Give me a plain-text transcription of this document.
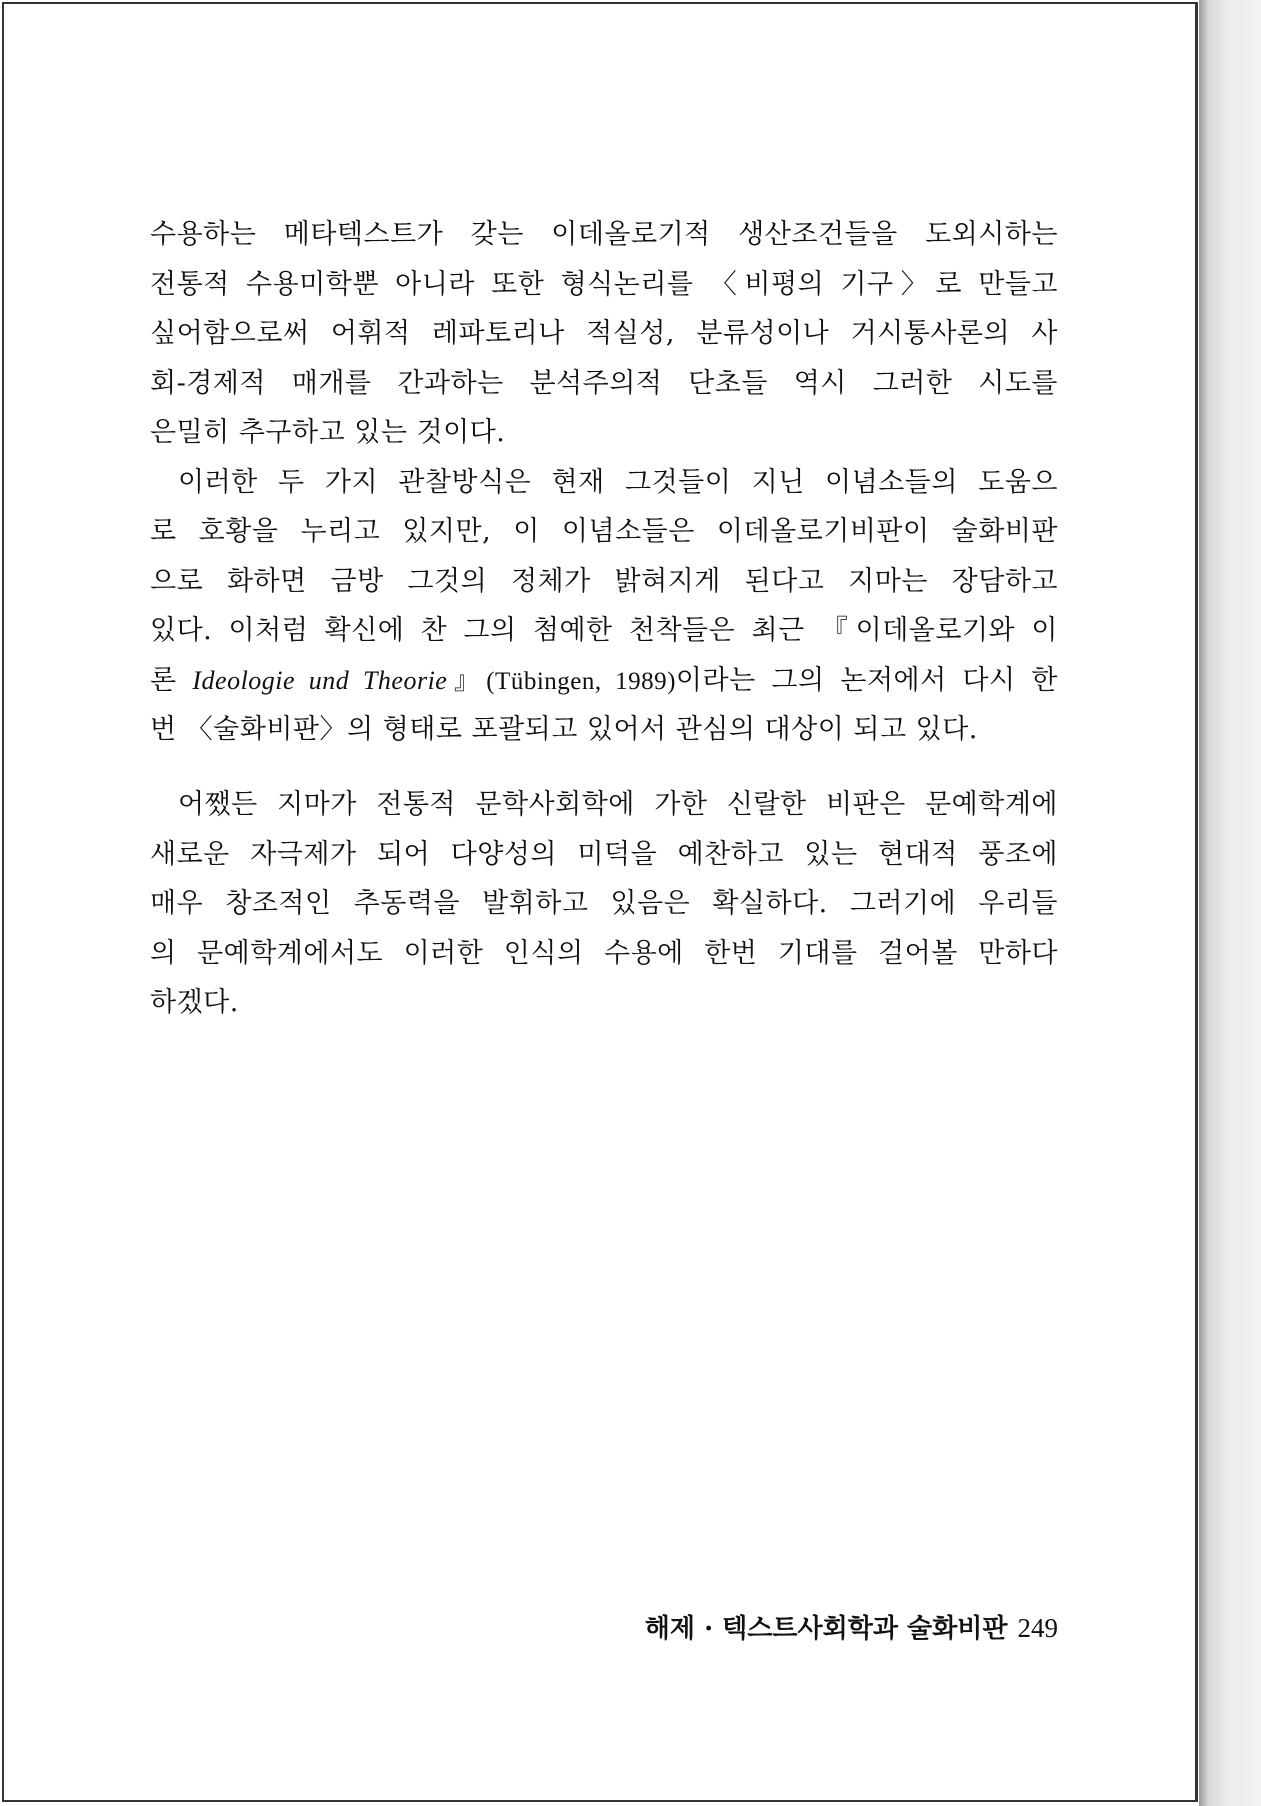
수용하는 메타텍스트가 갖는 이데올로기적 생산조건들을 도외시하는
전통적 수용미학뿐 아니라 또한 형식논리를 〈비평의 기구〉로 만들고
싶어함으로써 어휘적 레파토리나 적실성, 분류성이나 거시통사론의 사
회-경제적 매개를 간과하는 분석주의적 단초들 역시 그러한 시도를
은밀히 추구하고 있는 것이다.
이러한 두 가지 관찰방식은 현재 그것들이 지닌 이념소들의 도움으
로 호황을 누리고 있지만, 이 이념소들은 이데올로기비판이 술화비판
으로 화하면 금방 그것의 정체가 밝혀지게 된다고 지마는 장담하고
있다. 이처럼 확신에 찬 그의 첨예한 천착들은 최근 『이데올로기와 이
론 Ideologie und Theorie』(Tübingen, 1989)이라는 그의 논저에서 다시 한
번 〈술화비판〉의 형태로 포괄되고 있어서 관심의 대상이 되고 있다.
어쨌든 지마가 전통적 문학사회학에 가한 신랄한 비판은 문예학계에
새로운 자극제가 되어 다양성의 미덕을 예찬하고 있는 현대적 풍조에
매우 창조적인 추동력을 발휘하고 있음은 확실하다. 그러기에 우리들
의 문예학계에서도 이러한 인식의 수용에 한번 기대를 걸어볼 만하다
하겠다.
해제 · 텍스트사회학과 술화비판 249
